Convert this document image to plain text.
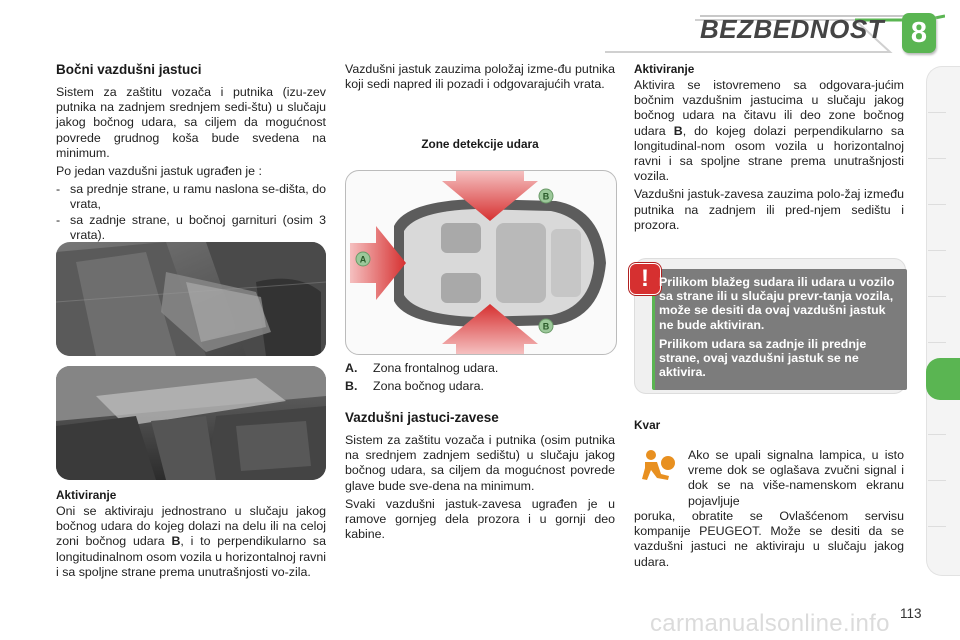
BEZBEDNOST 8
Bočni vazdušni jastuci

Sistem za zaštitu vozača i putnika (izu-zev putnika na zadnjem srednjem sedi-štu) u slučaju jakog bočnog udara, sa ciljem da mogućnost povrede grudnog koša bude svedena na minimum.

Po jedan vazdušni jastuk ugrađen je :

- sa prednje strane, u ramu naslona se-dišta, do vrata,
- sa zadnje strane, u bočnoj garnituri (osim 3 vrata).
Aktiviranje

Oni se aktiviraju jednostrano u slučaju jakog bočnog udara do kojeg dolazi na delu ili na celoj zoni bočnog udara B, i to perpendikularno sa longitudinalnom osom vozila u horizontalnoj ravni i sa spoljne strane prema unutrašnjosti vo-zila.

Vazdušni jastuk zauzima položaj izme-đu putnika koji sedi napred ili pozadi i odgovarajućih vrata.

Zone detekcije udara
A
B
B
A.	Zona frontalnog udara.
B.	Zona bočnog udara.
Vazdušni jastuci-zavese

Sistem za zaštitu vozača i putnika (osim putnika na srednjem zadnjem sedištu) u slučaju jakog bočnog udara, sa ciljem da mogućnost povrede glave bude sve-dena na minimum.

Svaki vazdušni jastuk-zavesa ugrađen je u ramove gornjeg dela prozora i u gornji deo kabine.

Aktiviranje

Aktivira se istovremeno sa odgovara-jućim bočnim vazdušnim jastucima u slučaju jakog bočnog udara na čitavu ili deo zone bočnog udara B, do kojeg dolazi perpendikularno sa longitudinal-nom osom vozila u horizontalnoj ravni i sa spoljne strane prema unutrašnjosti vozila.

Vazdušni jastuk-zavesa zauzima polo-žaj između putnika na zadnjem ili pred-njem sedištu i prozora.

! Prilikom blažeg sudara ili udara u vozilo sa strane ili u slučaju prevr-tanja vozila, može se desiti da ovaj vazdušni jastuk ne bude aktiviran.

Prilikom udara sa zadnje ili prednje strane, ovaj vazdušni jastuk se ne aktivira.

Kvar

Ako se upali signalna lampica, u isto vreme dok se oglašava zvučni signal i dok se na više-namenskom ekranu pojavljuje

poruka, obratite se Ovlašćenom servisu kompanije PEUGEOT. Može se desiti da se vazdušni jastuci ne aktiviraju u slučaju jakog udara.

113
carmanualsonline.info
